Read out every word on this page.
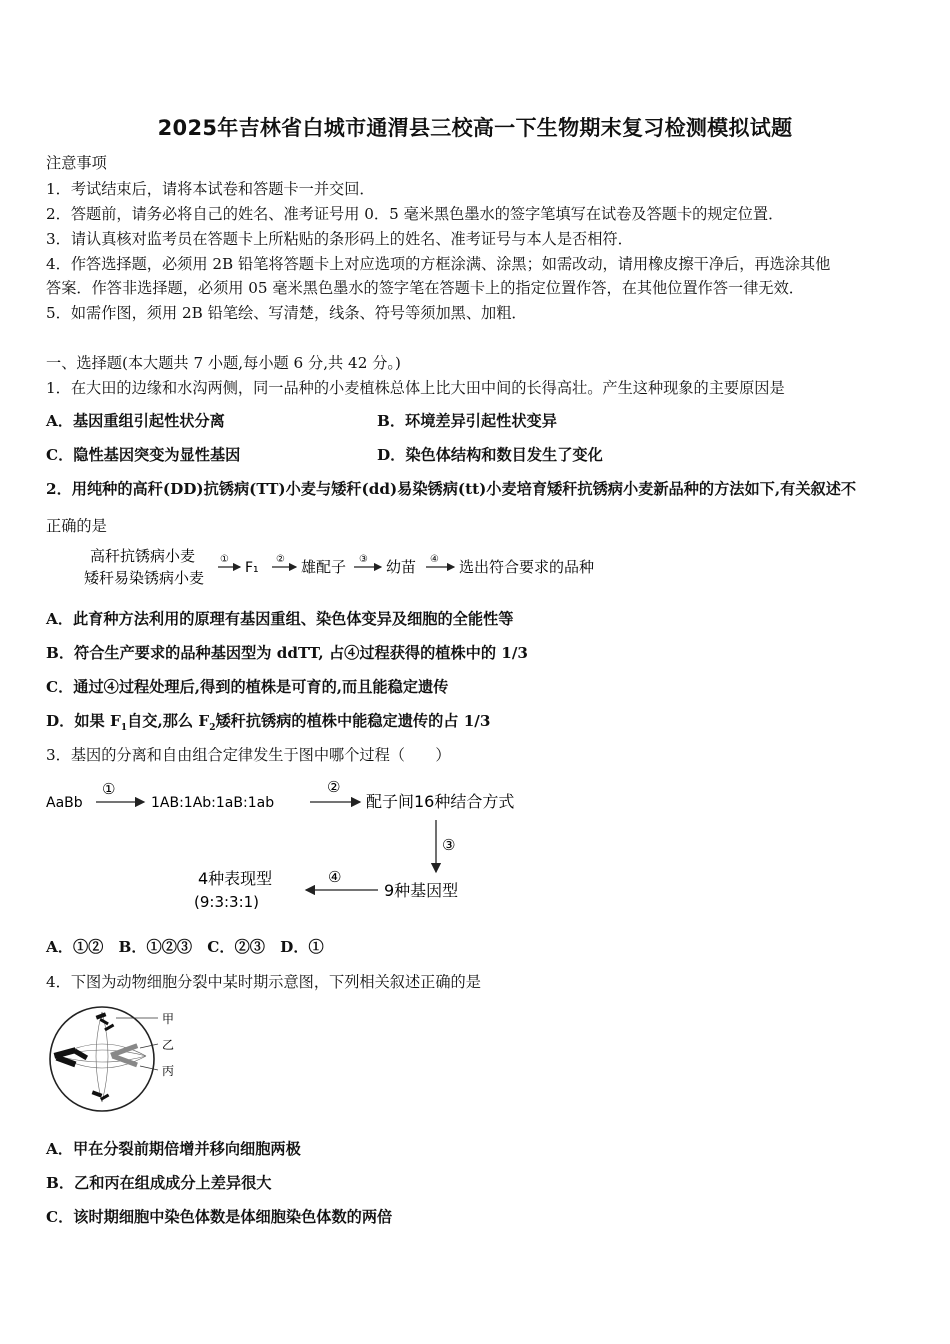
2025年吉林省白城市通渭县三校高一下生物期末复习检测模拟试题
注意事项
1．考试结束后，请将本试卷和答题卡一并交回．
2．答题前，请务必将自己的姓名、准考证号用 0．5 毫米黑色墨水的签字笔填写在试卷及答题卡的规定位置．
3．请认真核对监考员在答题卡上所粘贴的条形码上的姓名、准考证号与本人是否相符．
4．作答选择题，必须用 2B 铅笔将答题卡上对应选项的方框涂满、涂黑；如需改动，请用橡皮擦干净后，再选涂其他
答案．作答非选择题，必须用 05 毫米黑色墨水的签字笔在答题卡上的指定位置作答，在其他位置作答一律无效．
5．如需作图，须用 2B 铅笔绘、写清楚，线条、符号等须加黑、加粗．
一、选择题(本大题共 7 小题,每小题 6 分,共 42 分。)
1．在大田的边缘和水沟两侧，同一品种的小麦植株总体上比大田中间的长得高壮。产生这种现象的主要原因是
A．基因重组引起性状分离	B．环境差异引起性状变异
C．隐性基因突变为显性基因	D．染色体结构和数目发生了变化
2．用纯种的高秆(DD)抗锈病(TT)小麦与矮秆(dd)易染锈病(tt)小麦培育矮秆抗锈病小麦新品种的方法如下,有关叙述不
正确的是
高秆抗锈病小麦
矮秆易染锈病小麦
①
F₁
② 雄配子 ③ 幼苗 ④ 选出符合要求的品种
A．此育种方法利用的原理有基因重组、染色体变异及细胞的全能性等
B．符合生产要求的品种基因型为 ddTT, 占④过程获得的植株中的 1/3
C．通过④过程处理后,得到的植株是可育的,而且能稳定遗传
D．如果 $F_1$自交,那么 $F_2$矮秆抗锈病的植株中能稳定遗传的占 1/3
3．基因的分离和自由组合定律发生于图中哪个过程（　　）
AaBb
①
1AB:1Ab:1aB:1ab
②
配子间16种结合方式
③
9种基因型
④
4种表现型
(9:3:3:1)
A．①②　B．①②③　C．②③　D．①
4．下图为动物细胞分裂中某时期示意图，下列相关叙述正确的是
甲
乙
丙
A．甲在分裂前期倍增并移向细胞两极
B．乙和丙在组成成分上差异很大
C．该时期细胞中染色体数是体细胞染色体数的两倍
